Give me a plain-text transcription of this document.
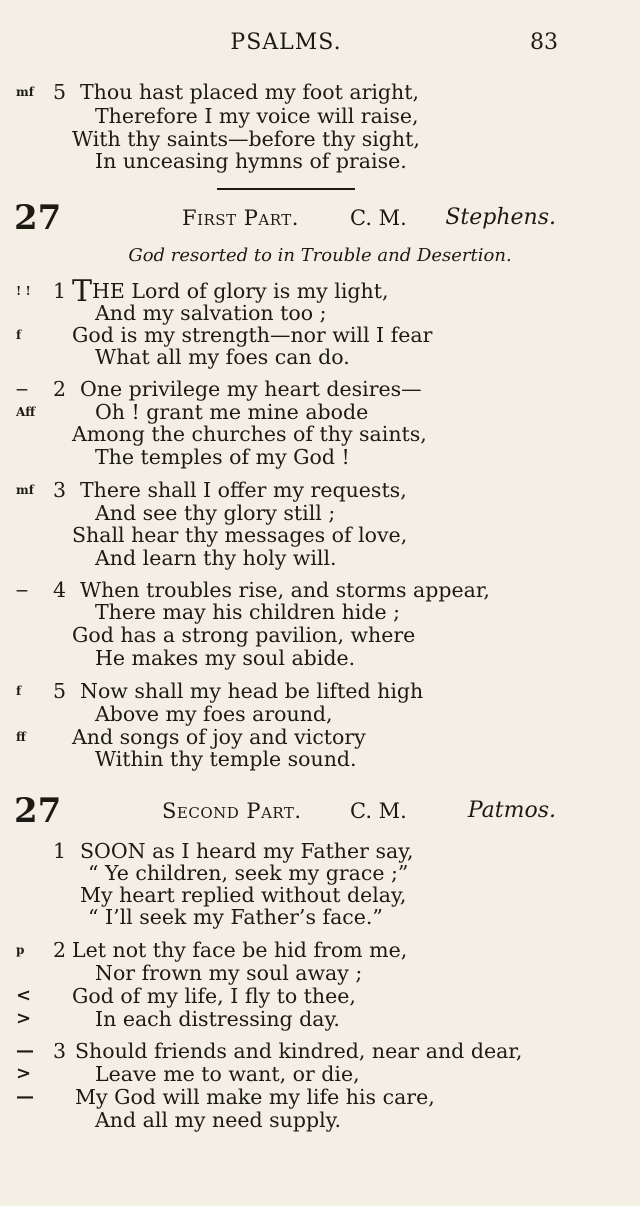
PSALMS.	83
mf 5 Thou hast placed my foot aright,
Therefore I my voice will raise,
With thy saints—before thy sight,
In unceasing hymns of praise.
27	First Part. C. M. Stephens.
God resorted to in Trouble and Desertion.
! ! 1 THE Lord of glory is my light,
And my salvation too ;
f God is my strength—nor will I fear
What all my foes can do.
— 2 One privilege my heart desires—
Aff	Oh ! grant me mine abode
Among the churches of thy saints,
The temples of my God !
mf 3 There shall I offer my requests,
And see thy glory still ;
Shall hear thy messages of love,
And learn thy holy will.
— 4 When troubles rise, and storms appear,
There may his children hide ;
God has a strong pavilion, where
He makes my soul abide.
f 5 Now shall my head be lifted high
Above my foes around,
ff And songs of joy and victory
Within thy temple sound.
27	Second Part. C. M.	Patmos.
1 SOON as I heard my Father say,
“ Ye children, seek my grace ;”
My heart replied without delay,
“ I’ll seek my Father’s face.”
p 2 Let not thy face be hid from me,
Nor frown my soul away ;
< God of my life, I fly to thee,
>	In each distressing day.
— 3 Should friends and kindred, near and dear,
>	Leave me to want, or die,
— My God will make my life his care,
And all my need supply.
